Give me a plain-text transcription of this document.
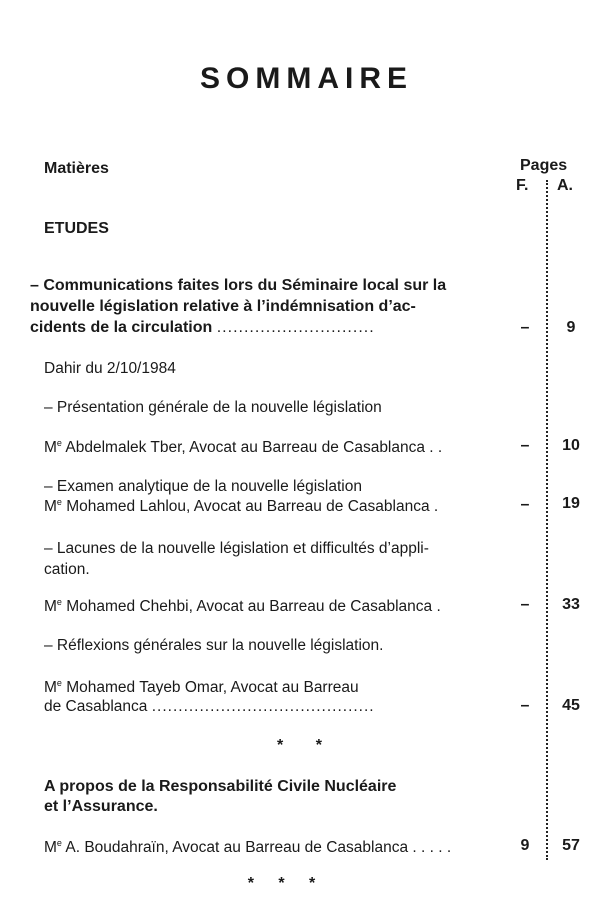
SOMMAIRE
Matières	Pages
F. A.
ETUDES
– Communications faites lors du Séminaire local sur la
nouvelle législation relative à l’indémnisation d’ac-
cidents de la circulation .............................	–	9
Dahir du 2/10/1984
– Présentation générale de la nouvelle législation
Me Abdelmalek Tber, Avocat au Barreau de Casablanca . .	–	10
– Examen analytique de la nouvelle législation
Me Mohamed Lahlou, Avocat au Barreau de Casablanca .	–	19
– Lacunes de la nouvelle législation et difficultés d’appli-
cation.
Me Mohamed Chehbi, Avocat au Barreau de Casablanca .	–	33
– Réflexions générales sur la nouvelle législation.
Me Mohamed Tayeb Omar, Avocat au Barreau
de Casablanca ..........................................	–	45
* *
A propos de la Responsabilité Civile Nucléaire
et l’Assurance.
Me A. Boudahraïn, Avocat au Barreau de Casablanca . . . . .	9	57
* * *
